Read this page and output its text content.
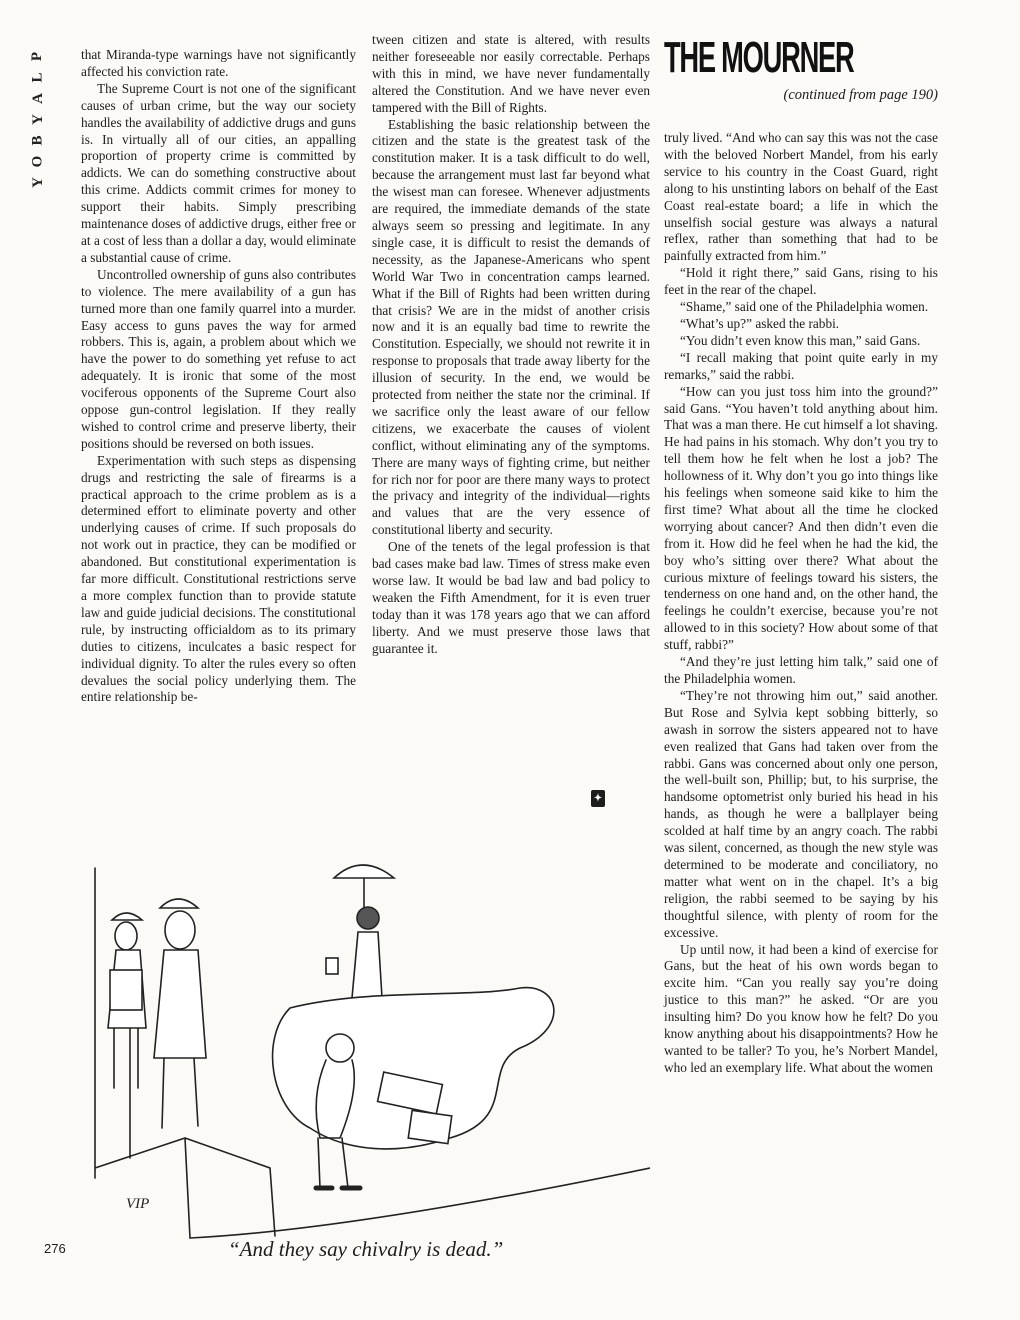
P
L
A
Y
B
O
Y

that Miranda-type warnings have not significantly affected his conviction rate.

The Supreme Court is not one of the significant causes of urban crime, but the way our society handles the availability of addictive drugs and guns is. In virtually all of our cities, an appalling proportion of property crime is committed by addicts. We can do something constructive about this crime. Addicts commit crimes for money to support their habits. Simply prescribing maintenance doses of addictive drugs, either free or at a cost of less than a dollar a day, would eliminate a substantial cause of crime.

Uncontrolled ownership of guns also contributes to violence. The mere availability of a gun has turned more than one family quarrel into a murder. Easy access to guns paves the way for armed robbers. This is, again, a problem about which we have the power to do something yet refuse to act adequately. It is ironic that some of the most vociferous opponents of the Supreme Court also oppose gun-control legislation. If they really wished to control crime and preserve liberty, their positions should be reversed on both issues.

Experimentation with such steps as dispensing drugs and restricting the sale of firearms is a practical approach to the crime problem as is a determined effort to eliminate poverty and other underlying causes of crime. If such proposals do not work out in practice, they can be modified or abandoned. But constitutional experimentation is far more difficult. Constitutional restrictions serve a more complex function than to provide statute law and guide judicial decisions. The constitutional rule, by instructing officialdom as to its primary duties to citizens, inculcates a basic respect for individual dignity. To alter the rules every so often devalues the social policy underlying them. The entire relationship be-

tween citizen and state is altered, with results neither foreseeable nor easily correctable. Perhaps with this in mind, we have never fundamentally altered the Constitution. And we have never even tampered with the Bill of Rights.

Establishing the basic relationship between the citizen and the state is the greatest task of the constitution maker. It is a task difficult to do well, because the arrangement must last far beyond what the wisest man can foresee. Whenever adjustments are required, the immediate demands of the state always seem so pressing and legitimate. In any single case, it is difficult to resist the demands of necessity, as the Japanese-Americans who spent World War Two in concentration camps learned. What if the Bill of Rights had been written during that crisis? We are in the midst of another crisis now and it is an equally bad time to rewrite the Constitution. Especially, we should not rewrite it in response to proposals that trade away liberty for the illusion of security. In the end, we would be protected from neither the state nor the criminal. If we sacrifice only the least aware of our fellow citizens, we exacerbate the causes of violent conflict, without eliminating any of the symptoms. There are many ways of fighting crime, but neither for rich nor for poor are there many ways to protect the privacy and integrity of the individual—rights and values that are the very essence of constitutional liberty and security.

One of the tenets of the legal profession is that bad cases make bad law. Times of stress make even worse law. It would be bad law and bad policy to weaken the Fifth Amendment, for it is even truer today than it was 178 years ago that we can afford liberty. And we must preserve those laws that guarantee it.

THE MOURNER
(continued from page 190)

truly lived. “And who can say this was not the case with the beloved Norbert Mandel, from his early service to his country in the Coast Guard, right along to his unstinting labors on behalf of the East Coast real-estate board; a life in which the unselfish social gesture was always a natural reflex, rather than something that had to be painfully extracted from him.”

“Hold it right there,” said Gans, rising to his feet in the rear of the chapel.

“Shame,” said one of the Philadelphia women.

“What’s up?” asked the rabbi.

“You didn’t even know this man,” said Gans.

“I recall making that point quite early in my remarks,” said the rabbi.

“How can you just toss him into the ground?” said Gans. “You haven’t told anything about him. That was a man there. He cut himself a lot shaving. He had pains in his stomach. Why don’t you try to tell them how he felt when he lost a job? The hollowness of it. Why don’t you go into things like his feelings when someone said kike to him the first time? What about all the time he clocked worrying about cancer? And then didn’t even die from it. How did he feel when he had the kid, the boy who’s sitting over there? What about the curious mixture of feelings toward his sisters, the tenderness on one hand and, on the other hand, the feelings he couldn’t exercise, because you’re not allowed to in this society? How about some of that stuff, rabbi?”

“And they’re just letting him talk,” said one of the Philadelphia women.

“They’re not throwing him out,” said another. But Rose and Sylvia kept sobbing bitterly, so awash in sorrow the sisters appeared not to have even realized that Gans had taken over from the rabbi. Gans was concerned about only one person, the well-built son, Phillip; but, to his surprise, the handsome optometrist only buried his head in his hands, as though he were a ballplayer being scolded at half time by an angry coach. The rabbi was silent, concerned, as though the new style was determined to be moderate and conciliatory, no matter what went on in the chapel. It’s a big religion, the rabbi seemed to be saying by his thoughtful silence, with plenty of room for the excessive.

Up until now, it had been a kind of exercise for Gans, but the heat of his own words began to excite him. “Can you really say you’re doing justice to this man?” he asked. “Or are you insulting him? Do you know how he felt? Do you know anything about his disappointments? How he wanted to be taller? To you, he’s Norbert Mandel, who led an exemplary life. What about the women

✦
VIP
“And they say chivalry is dead.”
276
